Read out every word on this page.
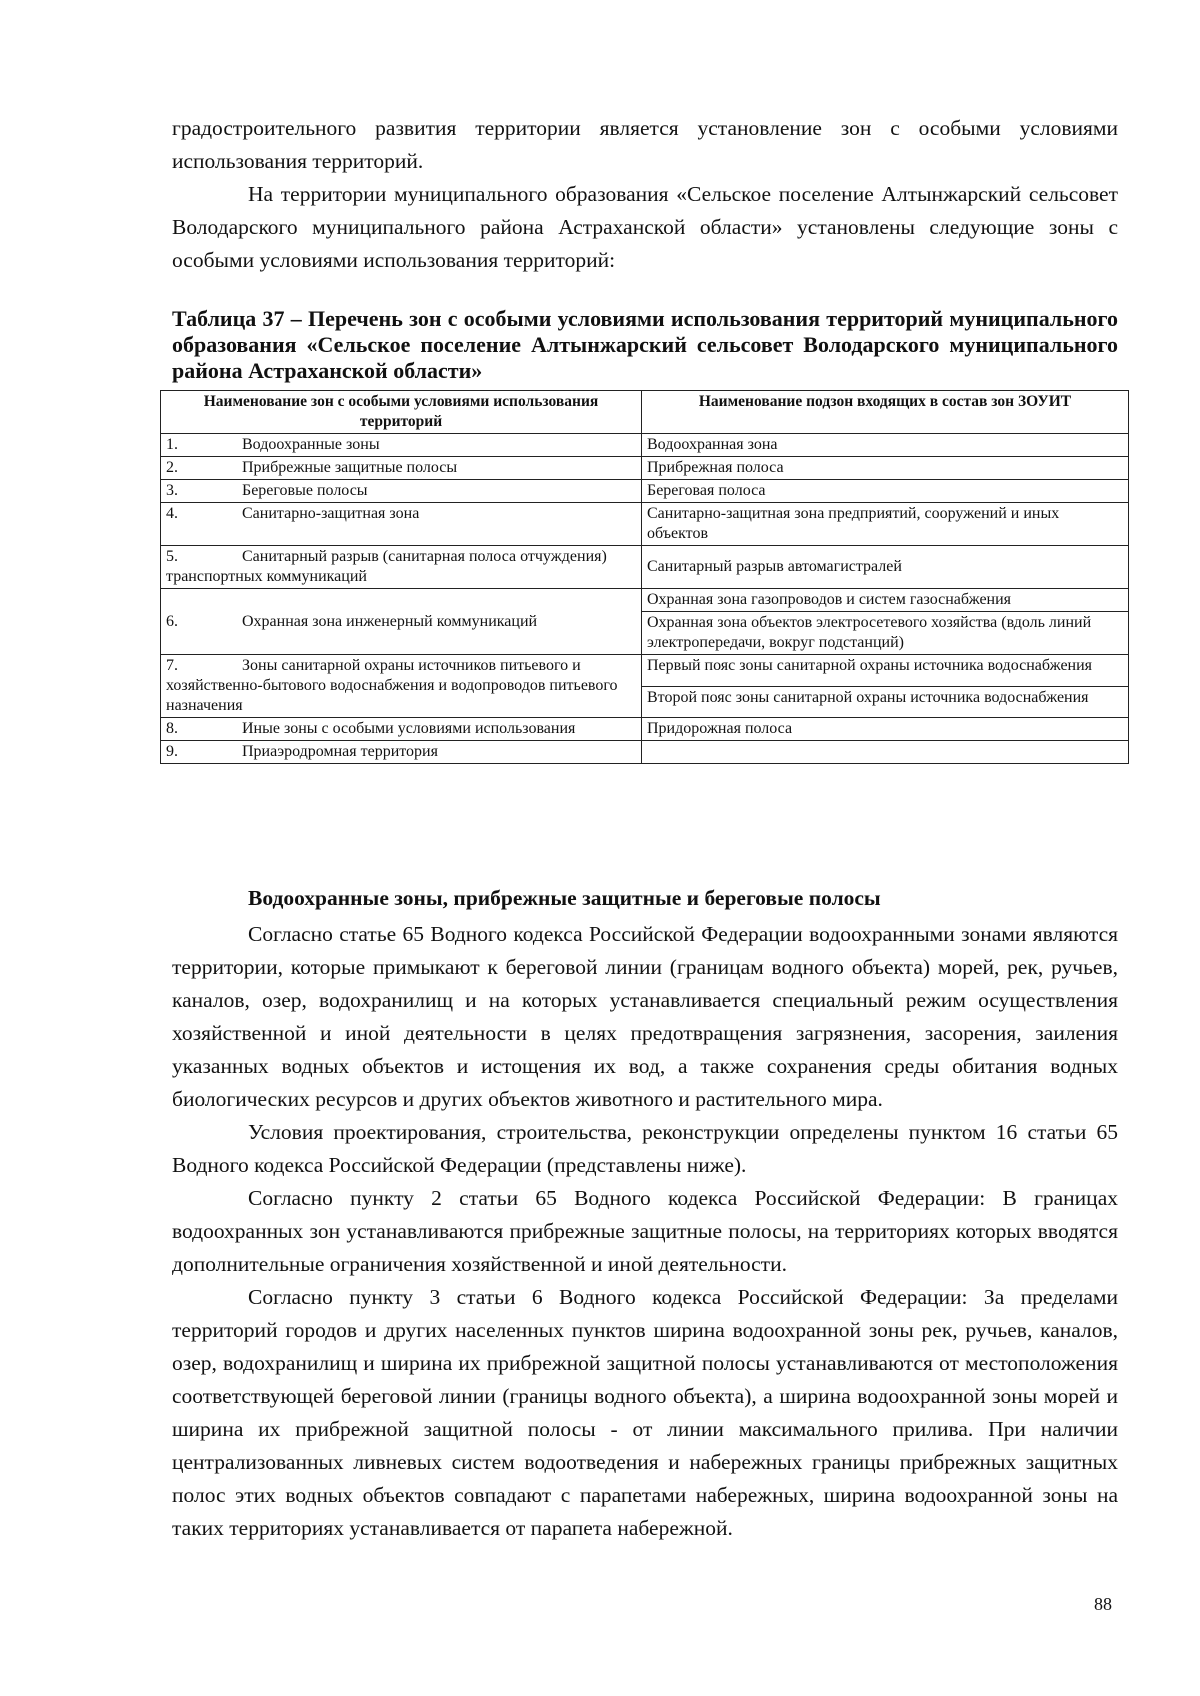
градостроительного развития территории является установление зон с особыми условиями использования территорий.

На территории муниципального образования «Сельское поселение Алтынжарский сельсовет Володарского муниципального района Астраханской области» установлены следующие зоны с особыми условиями использования территорий:

Таблица 37 – Перечень зон с особыми условиями использования территорий муниципального образования «Сельское поселение Алтынжарский сельсовет Володарского муниципального района Астраханской области»
Наименование зон с особыми условиями использования территорий	Наименование подзон входящих в состав зон ЗОУИТ
1. Водоохранные зоны	Водоохранная зона
2. Прибрежные защитные полосы	Прибрежная полоса
3. Береговые полосы	Береговая полоса
4. Санитарно-защитная зона	Санитарно-защитная зона предприятий, сооружений и иных объектов
5. Санитарный разрыв (санитарная полоса отчуждения) транспортных коммуникаций	Санитарный разрыв автомагистралей
6. Охранная зона инженерный коммуникаций	Охранная зона газопроводов и систем газоснабжения
	Охранная зона объектов электросетевого хозяйства (вдоль линий электропередачи, вокруг подстанций)
7. Зоны санитарной охраны источников питьевого и хозяйственно-бытового водоснабжения и водопроводов питьевого назначения	Первый пояс зоны санитарной охраны источника водоснабжения
	Второй пояс зоны санитарной охраны источника водоснабжения
8. Иные зоны с особыми условиями использования	Придорожная полоса
9. Приаэродромная территория	
Водоохранные зоны, прибрежные защитные и береговые полосы

Согласно статье 65 Водного кодекса Российской Федерации водоохранными зонами являются территории, которые примыкают к береговой линии (границам водного объекта) морей, рек, ручьев, каналов, озер, водохранилищ и на которых устанавливается специальный режим осуществления хозяйственной и иной деятельности в целях предотвращения загрязнения, засорения, заиления указанных водных объектов и истощения их вод, а также сохранения среды обитания водных биологических ресурсов и других объектов животного и растительного мира.

Условия проектирования, строительства, реконструкции определены пунктом 16 статьи 65 Водного кодекса Российской Федерации (представлены ниже).

Согласно пункту 2 статьи 65 Водного кодекса Российской Федерации: В границах водоохранных зон устанавливаются прибрежные защитные полосы, на территориях которых вводятся дополнительные ограничения хозяйственной и иной деятельности.

Согласно пункту 3 статьи 6 Водного кодекса Российской Федерации: За пределами территорий городов и других населенных пунктов ширина водоохранной зоны рек, ручьев, каналов, озер, водохранилищ и ширина их прибрежной защитной полосы устанавливаются от местоположения соответствующей береговой линии (границы водного объекта), а ширина водоохранной зоны морей и ширина их прибрежной защитной полосы - от линии максимального прилива. При наличии централизованных ливневых систем водоотведения и набережных границы прибрежных защитных полос этих водных объектов совпадают с парапетами набережных, ширина водоохранной зоны на таких территориях устанавливается от парапета набережной.

88
